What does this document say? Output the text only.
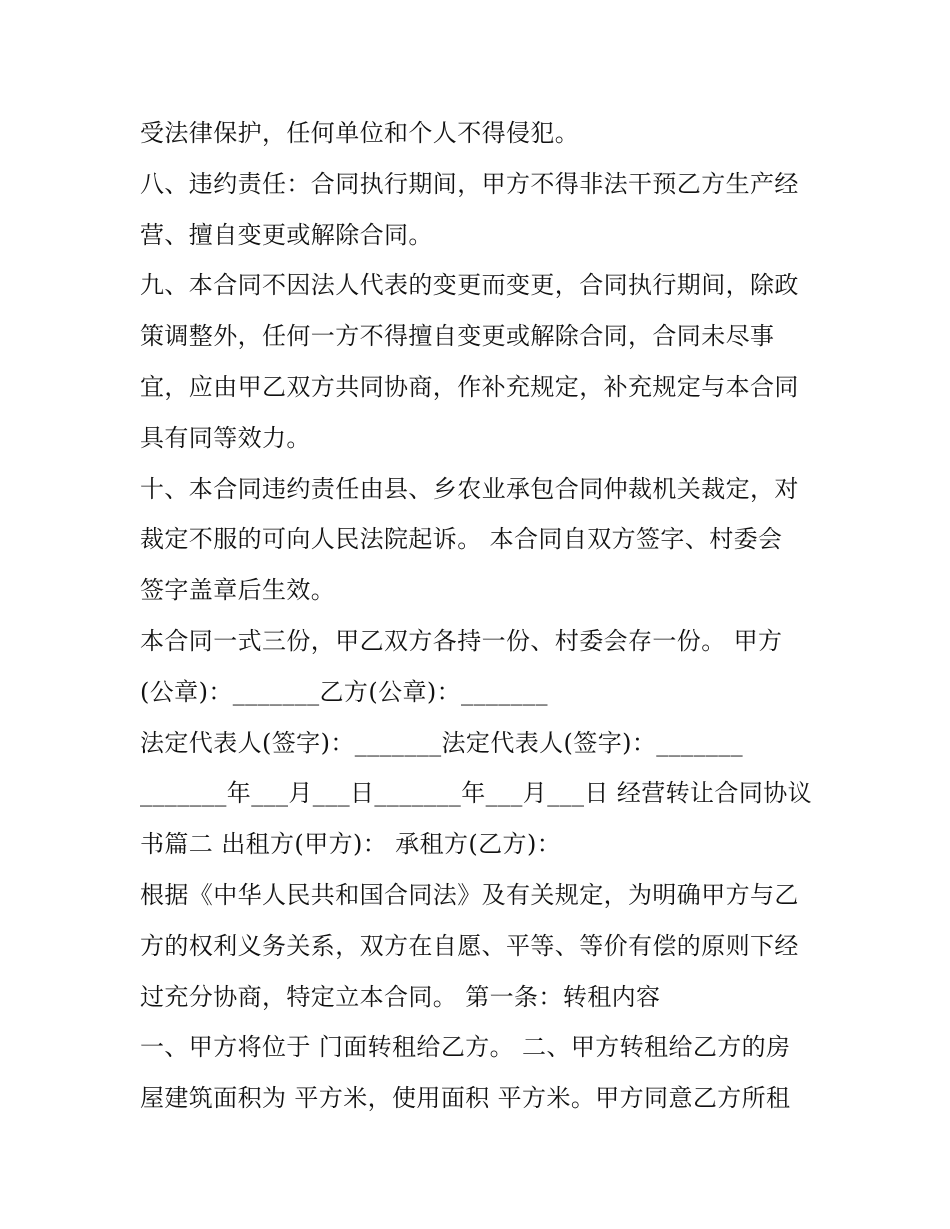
受法律保护，任何单位和个人不得侵犯。
八、违约责任：合同执行期间，甲方不得非法干预乙方生产经
营、擅自变更或解除合同。
九、本合同不因法人代表的变更而变更，合同执行期间，除政
策调整外，任何一方不得擅自变更或解除合同，合同未尽事
宜，应由甲乙双方共同协商，作补充规定，补充规定与本合同
具有同等效力。
十、本合同违约责任由县、乡农业承包合同仲裁机关裁定，对
裁定不服的可向人民法院起诉。 本合同自双方签字、村委会
签字盖章后生效。
本合同一式三份，甲乙双方各持一份、村委会存一份。 甲方
(公章)：_______乙方(公章)：_______
法定代表人(签字)：_______法定代表人(签字)：_______
_______年___月___日_______年___月___日 经营转让合同协议
书篇二 出租方(甲方)： 承租方(乙方)：
根据《中华人民共和国合同法》及有关规定，为明确甲方与乙
方的权利义务关系，双方在自愿、平等、等价有偿的原则下经
过充分协商，特定立本合同。 第一条：转租内容
一、甲方将位于 门面转租给乙方。 二、甲方转租给乙方的房
屋建筑面积为 平方米，使用面积 平方米。甲方同意乙方所租
